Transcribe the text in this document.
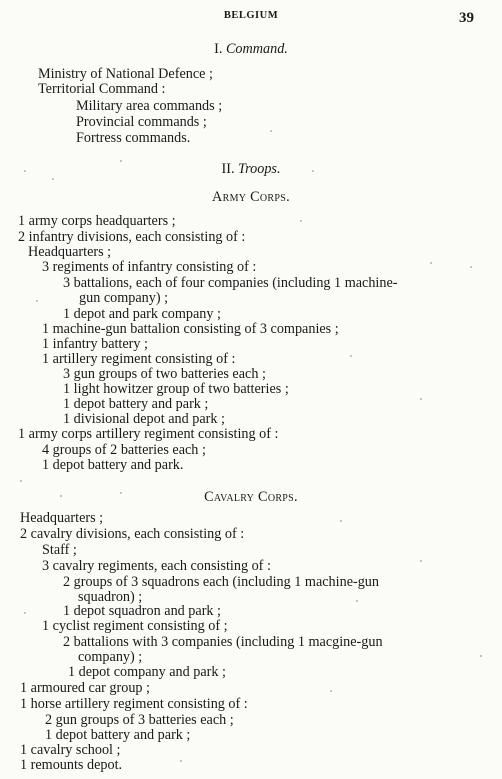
BELGIUM	39
I. Command.
Ministry of National Defence ;
Territorial Command :
Military area commands ;
Provincial commands ;
Fortress commands.
II. Troops.
Army Corps.
1 army corps headquarters ;
2 infantry divisions, each consisting of :
Headquarters ;
3 regiments of infantry consisting of :
3 battalions, each of four companies (including 1 machine-
gun company) ;
1 depot and park company ;
1 machine-gun battalion consisting of 3 companies ;
1 infantry battery ;
1 artillery regiment consisting of :
3 gun groups of two batteries each ;
1 light howitzer group of two batteries ;
1 depot battery and park ;
1 divisional depot and park ;
1 army corps artillery regiment consisting of :
4 groups of 2 batteries each ;
1 depot battery and park.
Cavalry Corps.
Headquarters ;
2 cavalry divisions, each consisting of :
Staff ;
3 cavalry regiments, each consisting of :
2 groups of 3 squadrons each (including 1 machine-gun
squadron) ;
1 depot squadron and park ;
1 cyclist regiment consisting of ;
2 battalions with 3 companies (including 1 macgine-gun
company) ;
1 depot company and park ;
1 armoured car group ;
1 horse artillery regiment consisting of :
2 gun groups of 3 batteries each ;
1 depot battery and park ;
1 cavalry school ;
1 remounts depot.
